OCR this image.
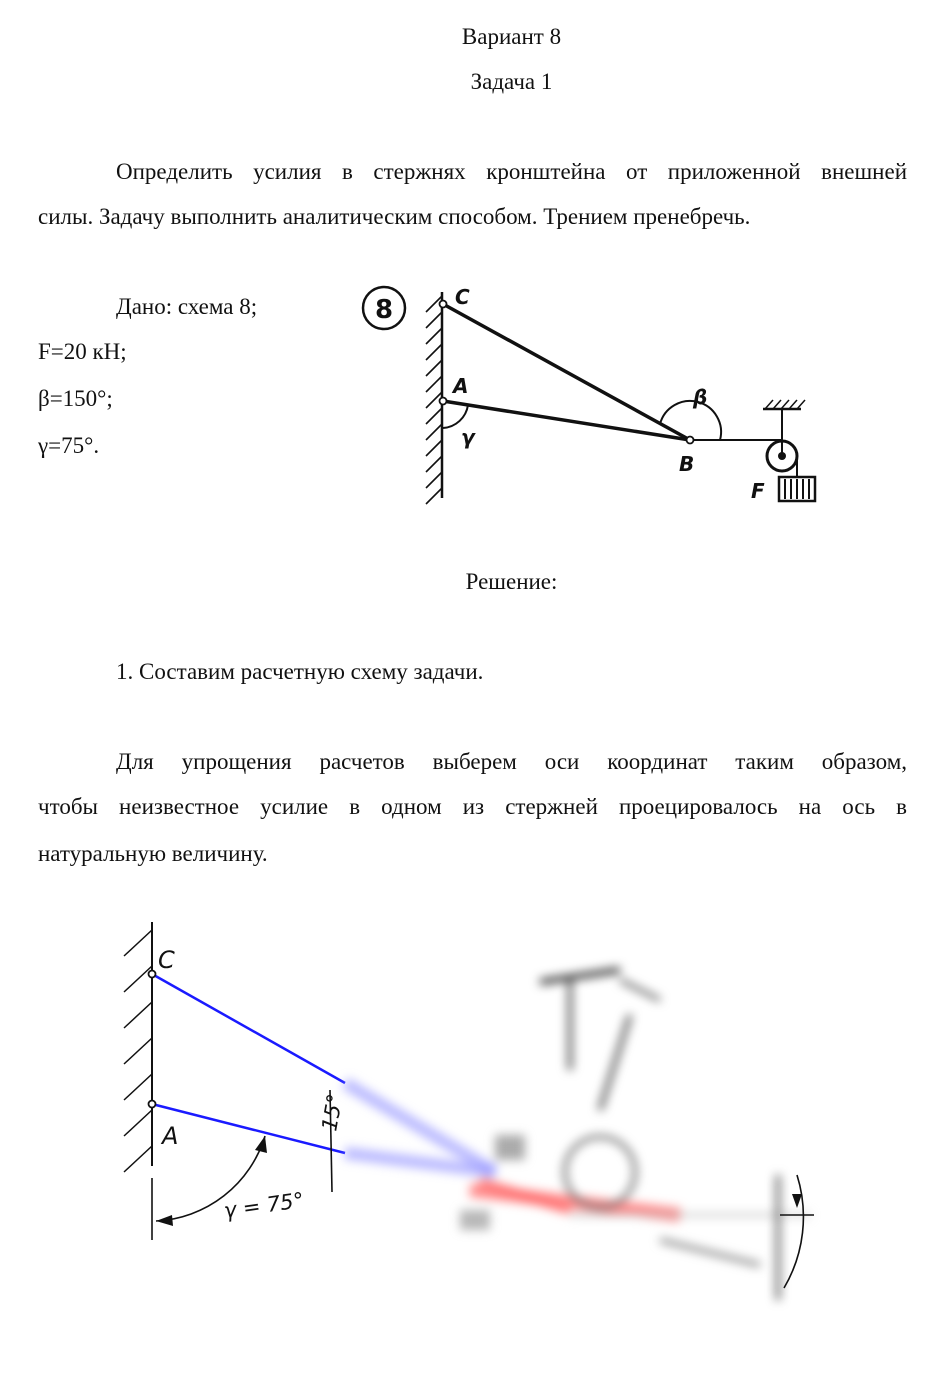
Вариант 8
Задача 1
Определить усилия в стержнях кронштейна от приложенной внешней
силы. Задачу выполнить аналитическим способом. Трением пренебречь.
Дано: схема 8;
F=20 кН;
β=150°;
γ=75°.
8	C
A
γ
β
B
F
Решение:
1. Составим расчетную схему задачи.
Для упрощения расчетов выберем оси координат таким образом,
чтобы неизвестное усилие в одном из стержней проецировалось на ось в
натуральную величину.
C
A
γ = 75°
15°
